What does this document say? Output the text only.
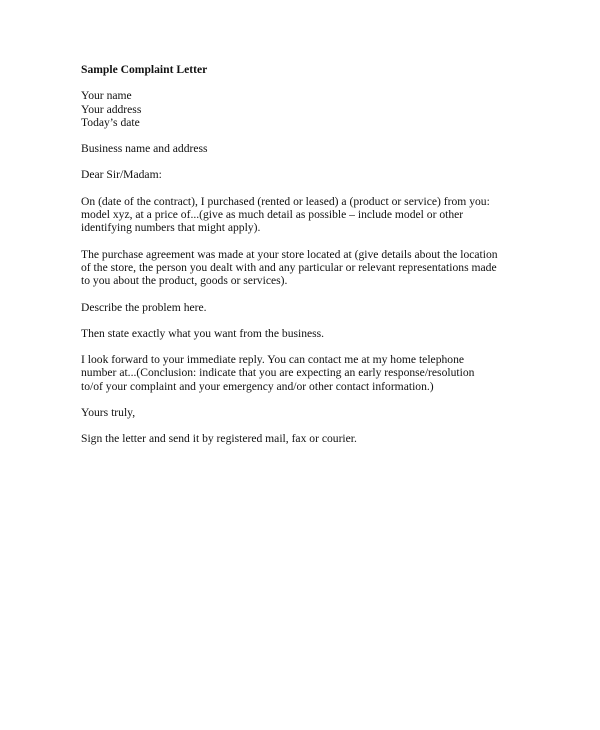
Sample Complaint Letter
Your name
Your address
Today’s date
Business name and address
Dear Sir/Madam:
On (date of the contract), I purchased (rented or leased) a (product or service) from you:
model xyz, at a price of...(give as much detail as possible – include model or other
identifying numbers that might apply).
The purchase agreement was made at your store located at (give details about the location
of the store, the person you dealt with and any particular or relevant representations made
to you about the product, goods or services).
Describe the problem here.
Then state exactly what you want from the business.
I look forward to your immediate reply. You can contact me at my home telephone
number at...(Conclusion: indicate that you are expecting an early response/resolution
to/of your complaint and your emergency and/or other contact information.)
Yours truly,
Sign the letter and send it by registered mail, fax or courier.
